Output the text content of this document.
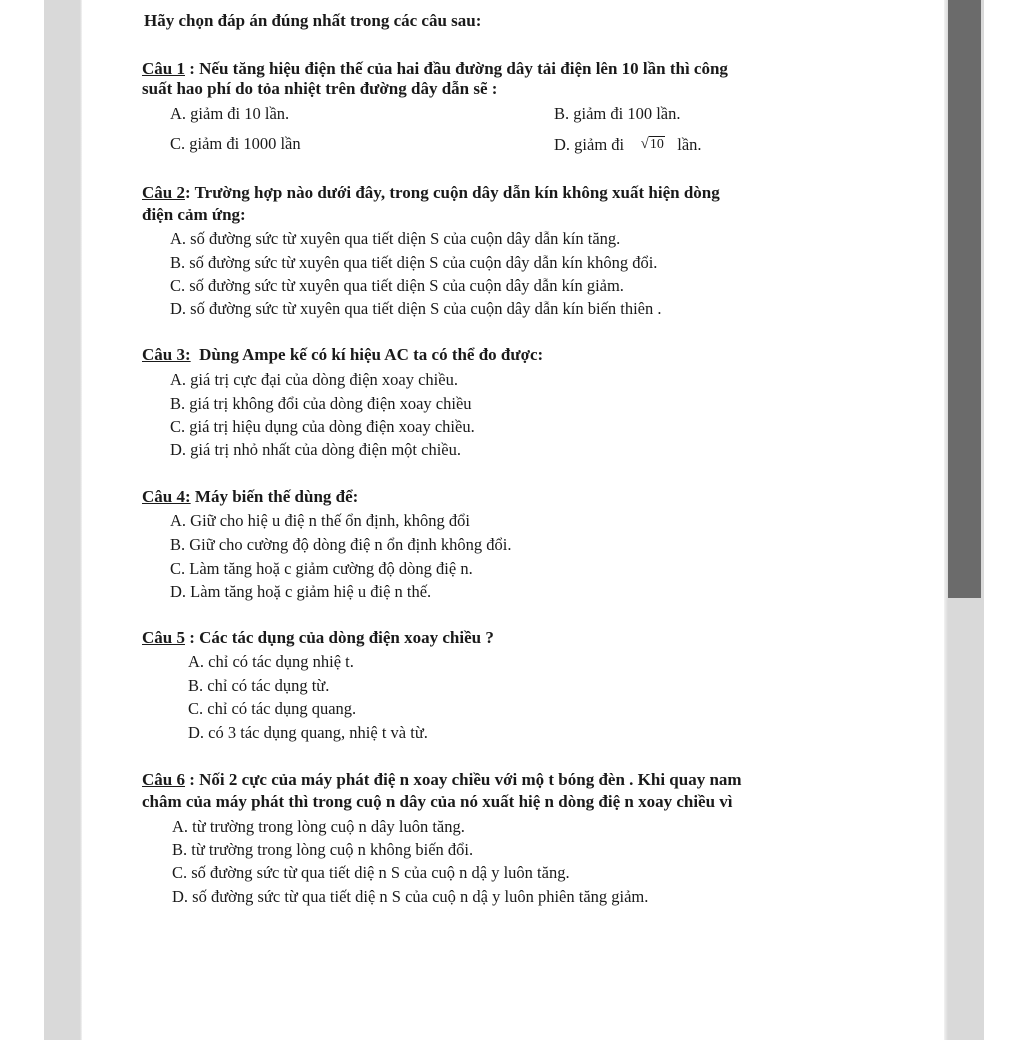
Hãy chọn đáp án đúng nhất trong các câu sau:
Câu 1 : Nếu tăng hiệu điện thế của hai đầu đường dây tải điện lên 10 lần thì công
suất hao phí do tỏa nhiệt trên đường dây dẫn sẽ :
A. giảm đi 10 lần.	B. giảm đi 100 lần.
C. giảm đi 1000 lần	D. giảm đi √10 lần.
Câu 2: Trường hợp nào dưới đây, trong cuộn dây dẫn kín không xuất hiện dòng
điện cảm ứng:
A. số đường sức từ xuyên qua tiết diện S của cuộn dây dẫn kín tăng.
B. số đường sức từ xuyên qua tiết diện S của cuộn dây dẫn kín không đổi.
C. số đường sức từ xuyên qua tiết diện S của cuộn dây dẫn kín giảm.
D. số đường sức từ xuyên qua tiết diện S của cuộn dây dẫn kín biến thiên .
Câu 3: Dùng Ampe kế có kí hiệu AC ta có thể đo được:
A. giá trị cực đại của dòng điện xoay chiều.
B. giá trị không đổi của dòng điện xoay chiều
C. giá trị hiệu dụng của dòng điện xoay chiều.
D. giá trị nhỏ nhất của dòng điện một chiều.
Câu 4: Máy biến thế dùng để:
A. Giữ cho hiệ u điệ n thế ổn định, không đổi
B. Giữ cho cường độ dòng điệ n ổn định không đổi.
C. Làm tăng hoặ c giảm cường độ dòng điệ n.
D. Làm tăng hoặ c giảm hiệ u điệ n thế.
Câu 5 : Các tác dụng của dòng điện xoay chiều ?
A. chỉ có tác dụng nhiệ t.
B. chỉ có tác dụng từ.
C. chỉ có tác dụng quang.
D. có 3 tác dụng quang, nhiệ t và từ.
Câu 6 : Nối 2 cực của máy phát điệ n xoay chiều với mộ t bóng đèn . Khi quay nam
châm của máy phát thì trong cuộ n dây của nó xuất hiệ n dòng điệ n xoay chiều vì
A. từ trường trong lòng cuộ n dây luôn tăng.
B. từ trường trong lòng cuộ n không biến đổi.
C. số đường sức từ qua tiết diệ n S của cuộ n dậ y luôn tăng.
D. số đường sức từ qua tiết diệ n S của cuộ n dậ y luôn phiên tăng giảm.
